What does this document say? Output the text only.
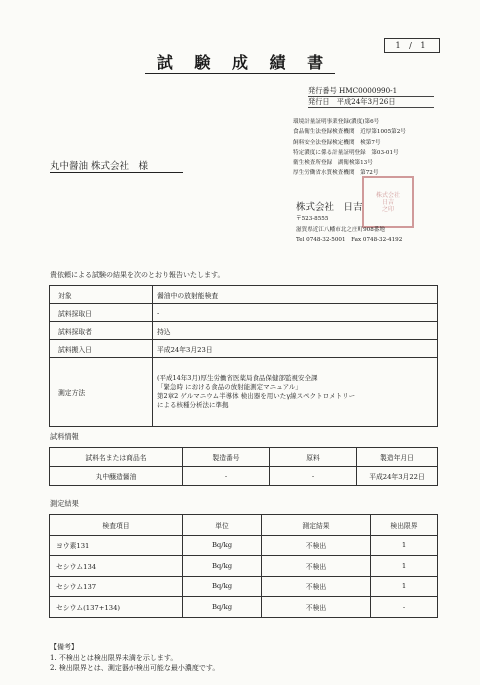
1 / 1
試 験 成 績 書
発行番号 HMC0000990-1
発行日　平成24年3月26日
環境計量証明事業登録(濃度)第6号
食品衛生法登録検査機関　近厚第1005第2号
飼料安全法登録検定機関　検第7号
特定濃度に係る計量証明登録　第03-01号
衛生検査所登録　湖衛検第13号
厚生労働省水質検査機関　第72号
丸中醤油 株式会社　様
株式会社
日吉
之印
株式会社　日吉
〒523-8555
滋賀県近江八幡市北之庄町908番地
Tel 0748-32-5001　Fax 0748-32-4192
貴依頼による試験の結果を次のとおり報告いたします。
対象	醤油中の放射能検査
試料採取日	-
試料採取者	持込
試料搬入日	平成24年3月23日
測定方法	(平成14年3月)厚生労働省医薬局食品保健部監視安全課
「緊急時 における食品の放射能測定マニュアル」
第2章2 ゲルマニウム半導体 検出器を用いたγ線スペクトロメトリー
による核種分析法に準拠
試料情報
試料名または商品名	製造番号	原料	製造年月日
丸中醸造醤油	-	-	平成24年3月22日
測定結果
検査項目	単位	測定結果	検出限界
ヨウ素131	Bq/kg	不検出	1
セシウム134	Bq/kg	不検出	1
セシウム137	Bq/kg	不検出	1
セシウム(137+134)	Bq/kg	不検出	-
【備考】
1. 不検出とは検出限界未満を示します。
2. 検出限界とは、測定器が検出可能な最小濃度です。
